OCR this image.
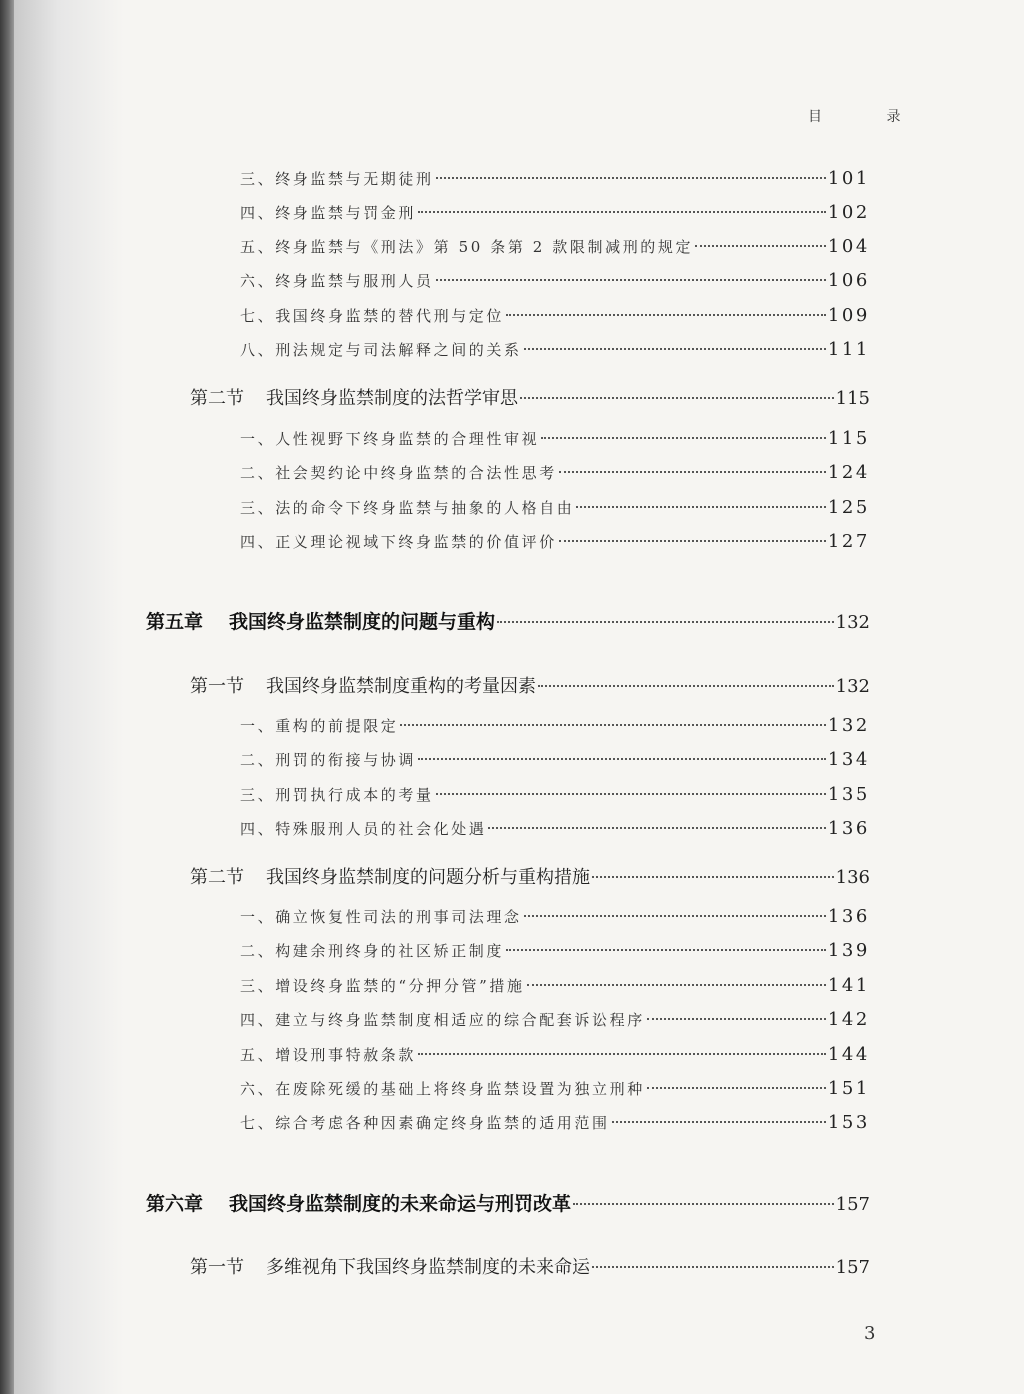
目 录
三、终身监禁与无期徒刑	101
四、终身监禁与罚金刑	102
五、终身监禁与《刑法》第 50 条第 2 款限制减刑的规定	104
六、终身监禁与服刑人员	106
七、我国终身监禁的替代刑与定位	109
八、刑法规定与司法解释之间的关系	111
第二节 我国终身监禁制度的法哲学审思	115
一、人性视野下终身监禁的合理性审视	115
二、社会契约论中终身监禁的合法性思考	124
三、法的命令下终身监禁与抽象的人格自由	125
四、正义理论视域下终身监禁的价值评价	127
第五章 我国终身监禁制度的问题与重构	132
第一节 我国终身监禁制度重构的考量因素	132
一、重构的前提限定	132
二、刑罚的衔接与协调	134
三、刑罚执行成本的考量	135
四、特殊服刑人员的社会化处遇	136
第二节 我国终身监禁制度的问题分析与重构措施	136
一、确立恢复性司法的刑事司法理念	136
二、构建余刑终身的社区矫正制度	139
三、增设终身监禁的“分押分管”措施	141
四、建立与终身监禁制度相适应的综合配套诉讼程序	142
五、增设刑事特赦条款	144
六、在废除死缓的基础上将终身监禁设置为独立刑种	151
七、综合考虑各种因素确定终身监禁的适用范围	153
第六章 我国终身监禁制度的未来命运与刑罚改革	157
第一节 多维视角下我国终身监禁制度的未来命运	157
3
